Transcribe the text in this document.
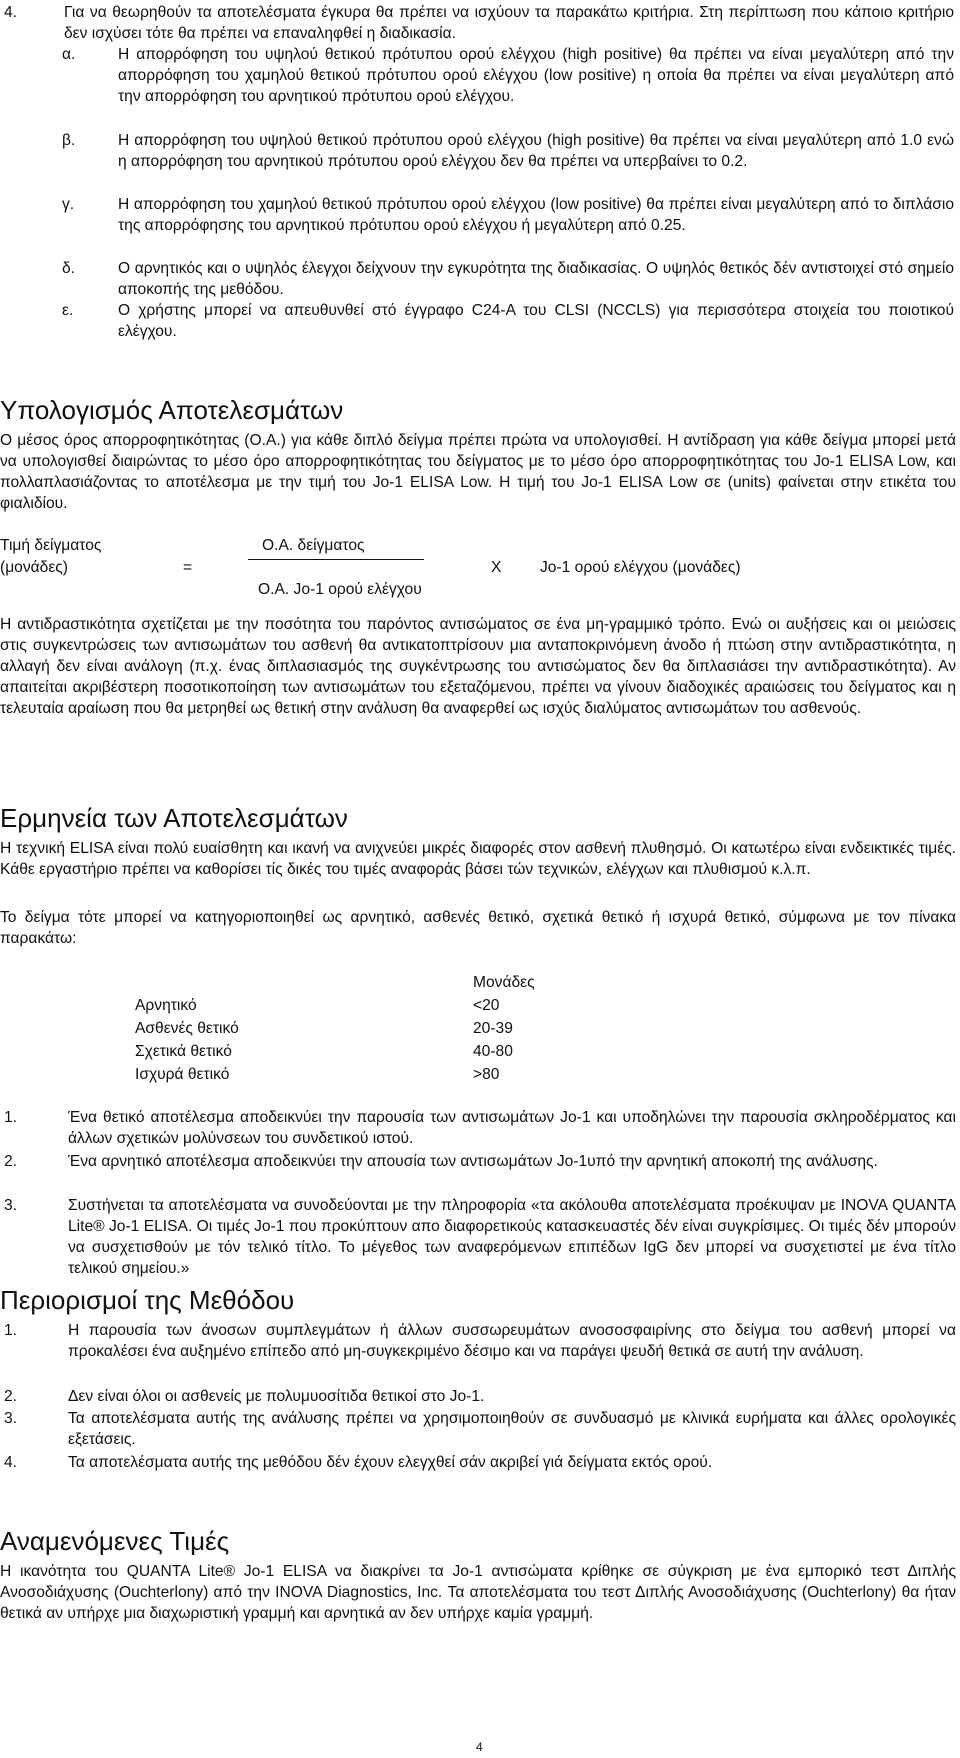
4.	Για να θεωρηθούν τα αποτελέσματα έγκυρα θα πρέπει να ισχύουν τα παρακάτω κριτήρια. Στη περίπτωση που κάποιο κριτήριο δεν ισχύσει τότε θα πρέπει να επαναληφθεί η διαδικασία.
α.	Η απορρόφηση του υψηλού θετικού πρότυπου ορού ελέγχου (high positive) θα πρέπει να είναι μεγαλύτερη από την απορρόφηση του χαμηλού θετικού πρότυπου ορού ελέγχου (low positive) η οποία θα πρέπει να είναι μεγαλύτερη από την απορρόφηση του αρνητικού πρότυπου ορού ελέγχου.
β.	Η απορρόφηση του υψηλού θετικού πρότυπου ορού ελέγχου (high positive) θα πρέπει να είναι μεγαλύτερη από 1.0 ενώ η απορρόφηση του αρνητικού πρότυπου ορού ελέγχου δεν θα πρέπει να υπερβαίνει το 0.2.
γ.	Η απορρόφηση του χαμηλού θετικού πρότυπου ορού ελέγχου (low positive) θα πρέπει είναι μεγαλύτερη από το διπλάσιο της απορρόφησης του αρνητικού πρότυπου ορού ελέγχου ή μεγαλύτερη από 0.25.
δ.	Ο αρνητικός και ο υψηλός έλεγχοι δείχνουν την εγκυρότητα της διαδικασίας. Ο υψηλός θετικός δέν αντιστοιχεί στό σημείο αποκοπής της μεθόδου.
ε.	Ο χρήστης μπορεί να απευθυνθεί στό έγγραφο C24-A του CLSI (NCCLS) για περισσότερα στοιχεία του ποιοτικού ελέγχου.
Υπολογισμός Αποτελεσμάτων

Ο μέσος όρος απορροφητικότητας (Ο.Α.) για κάθε διπλό δείγμα πρέπει πρώτα να υπολογισθεί. Η αντίδραση για κάθε δείγμα μπορεί μετά να υπολογισθεί διαιρώντας το μέσο όρο απορροφητικότητας του δείγματος με το μέσο όρο απορροφητικότητας του Jo-1 ELISA Low, και πολλαπλασιάζοντας το αποτέλεσμα με την τιμή του Jo-1 ELISA Low. Η τιμή του Jo-1 ELISA Low σε (units) φαίνεται στην ετικέτα του φιαλιδίου.

Τιμή δείγματος
(μονάδες)	=
Ο.Α. δείγματος
Ο.Α. Jo-1 ορού ελέγχου
X Jo-1 ορού ελέγχου (μονάδες)

Η αντιδραστικότητα σχετίζεται με την ποσότητα του παρόντος αντισώματος σε ένα μη-γραμμικό τρόπο. Ενώ οι αυξήσεις και οι μειώσεις στις συγκεντρώσεις των αντισωμάτων του ασθενή θα αντικατοπτρίσουν μια ανταποκρινόμενη άνοδο ή πτώση στην αντιδραστικότητα, η αλλαγή δεν είναι ανάλογη (π.χ. ένας διπλασιασμός της συγκέντρωσης του αντισώματος δεν θα διπλασιάσει την αντιδραστικότητα). Αν απαιτείται ακριβέστερη ποσοτικοποίηση των αντισωμάτων του εξεταζόμενου, πρέπει να γίνουν διαδοχικές αραιώσεις του δείγματος και η τελευταία αραίωση που θα μετρηθεί ως θετική στην ανάλυση θα αναφερθεί ως ισχύς διαλύματος αντισωμάτων του ασθενούς.

Ερμηνεία των Αποτελεσμάτων

Η τεχνική ELISA είναι πολύ ευαίσθητη και ικανή να ανιχνεύει μικρές διαφορές στον ασθενή πλυθησμό. Οι κατωτέρω είναι ενδεικτικές τιμές. Κάθε εργαστήριο πρέπει να καθορίσει τίς δικές του τιμές αναφοράς βάσει τών τεχνικών, ελέγχων και πλυθισμού κ.λ.π.

Το δείγμα τότε μπορεί να κατηγοριοποιηθεί ως αρνητικό, ασθενές θετικό, σχετικά θετικό ή ισχυρά θετικό, σύμφωνα με τον πίνακα παρακάτω:

Μονάδες
Αρνητικό	<20
Ασθενές θετικό	20-39
Σχετικά θετικό	40-80
Ισχυρά θετικό	>80
1.	Ένα θετικό αποτέλεσμα αποδεικνύει την παρουσία των αντισωμάτων Jo-1 και υποδηλώνει την παρουσία σκληροδέρματος και άλλων σχετικών μολύνσεων του συνδετικού ιστού.
2.	Ένα αρνητικό αποτέλεσμα αποδεικνύει την απουσία των αντισωμάτων Jo-1υπό την αρνητική αποκοπή της ανάλυσης.
3.	Συστήνεται τα αποτελέσματα να συνοδεύονται με την πληροφορία «τα ακόλουθα αποτελέσματα προέκυψαν με INOVA QUANTA Lite® Jo-1 ELISA. Οι τιμές Jo-1 που προκύπτουν απο διαφορετικούς κατασκευαστές δέν είναι συγκρίσιμες. Οι τιμές δέν μπορούν να συσχετισθούν με τόν τελικό τίτλο. Το μέγεθος των αναφερόμενων επιπέδων IgG δεν μπορεί να συσχετιστεί με ένα τίτλο τελικού σημείου.»
Περιορισμοί της Μεθόδου
1.	Η παρουσία των άνοσων συμπλεγμάτων ή άλλων συσσωρευμάτων ανοσοσφαιρίνης στο δείγμα του ασθενή μπορεί να προκαλέσει ένα αυξημένο επίπεδο από μη-συγκεκριμένο δέσιμο και να παράγει ψευδή θετικά σε αυτή την ανάλυση.
2.	Δεν είναι όλοι οι ασθενείς με πολυμυοσίτιδα θετικοί στο Jo-1.
3.	Τα αποτελέσματα αυτής της ανάλυσης πρέπει να χρησιμοποιηθούν σε συνδυασμό με κλινικά ευρήματα και άλλες ορολογικές εξετάσεις.
4.	Τα αποτελέσματα αυτής της μεθόδου δέν έχουν ελεγχθεί σάν ακριβεί γιά δείγματα εκτός ορού.
Αναμενόμενες Τιμές

Η ικανότητα του QUANTA Lite® Jo-1 ELISA να διακρίνει τα Jo-1 αντισώματα κρίθηκε σε σύγκριση με ένα εμπορικό τεστ Διπλής Ανοσοδιάχυσης (Ouchterlony) από την INOVA Diagnostics, Inc. Τα αποτελέσματα του τεστ Διπλής Ανοσοδιάχυσης (Ouchterlony) θα ήταν θετικά αν υπήρχε μια διαχωριστική γραμμή και αρνητικά αν δεν υπήρχε καμία γραμμή.

4
